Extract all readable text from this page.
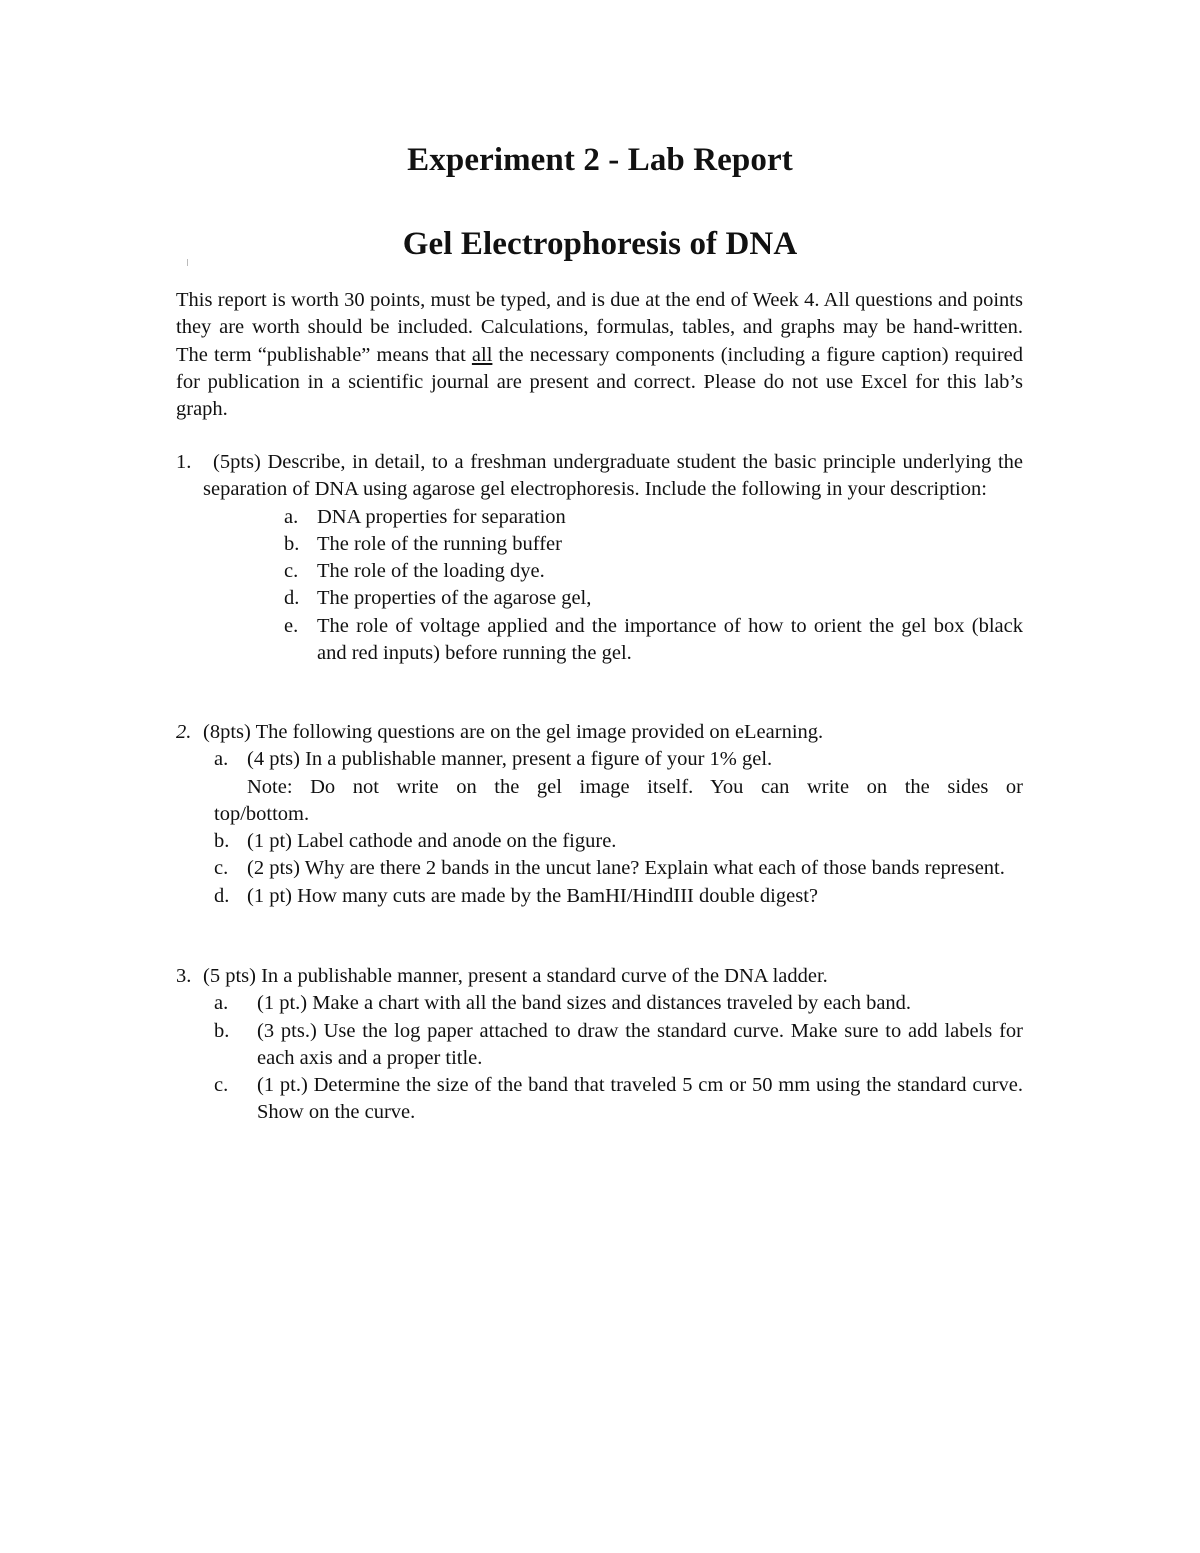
Experiment 2 - Lab Report
Gel Electrophoresis of DNA
This report is worth 30 points, must be typed, and is due at the end of Week 4. All questions and points they are worth should be included. Calculations, formulas, tables, and graphs may be hand-written. The term “publishable” means that all the necessary components (including a figure caption) required for publication in a scientific journal are present and correct. Please do not use Excel for this lab’s graph.
1. (5pts) Describe, in detail, to a freshman undergraduate student the basic principle underlying the separation of DNA using agarose gel electrophoresis. Include the following in your description:
a. DNA properties for separation
b. The role of the running buffer
c. The role of the loading dye.
d. The properties of the agarose gel,
e. The role of voltage applied and the importance of how to orient the gel box (black and red inputs) before running the gel.
2. (8pts) The following questions are on the gel image provided on eLearning.
a. (4 pts) In a publishable manner, present a figure of your 1% gel.
Note: Do not write on the gel image itself. You can write on the sides or
top/bottom.
b. (1 pt) Label cathode and anode on the figure.
c. (2 pts) Why are there 2 bands in the uncut lane? Explain what each of those bands represent.
d. (1 pt) How many cuts are made by the BamHI/HindIII double digest?
3. (5 pts) In a publishable manner, present a standard curve of the DNA ladder.
a. (1 pt.) Make a chart with all the band sizes and distances traveled by each band.
b. (3 pts.) Use the log paper attached to draw the standard curve. Make sure to add labels for each axis and a proper title.
c. (1 pt.) Determine the size of the band that traveled 5 cm or 50 mm using the standard curve. Show on the curve.
